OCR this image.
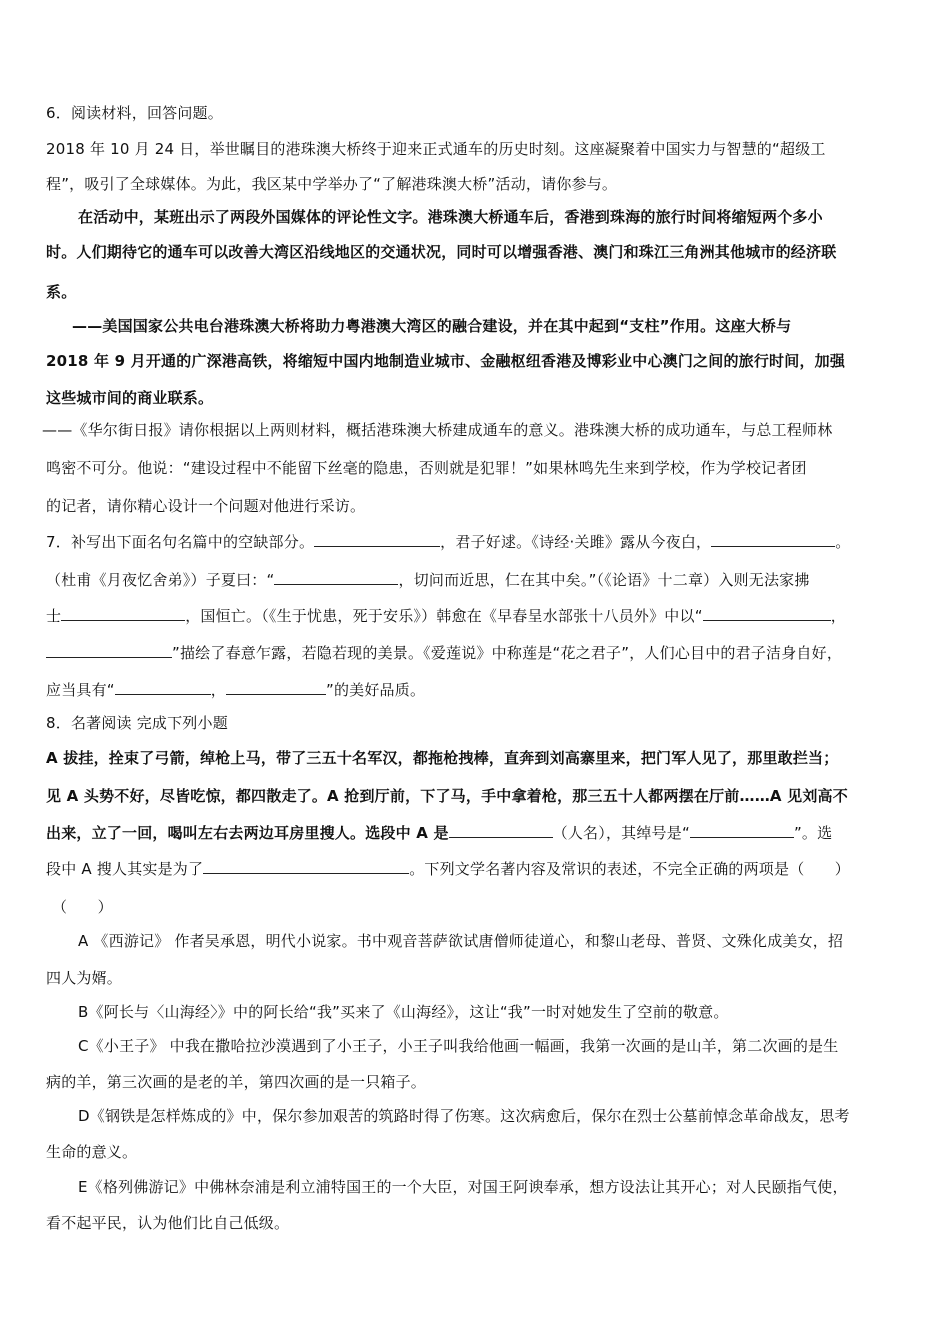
6．阅读材料，回答问题。
2018 年 10 月 24 日，举世瞩目的港珠澳大桥终于迎来正式通车的历史时刻。这座凝聚着中国实力与智慧的“超级工
程”，吸引了全球媒体。为此，我区某中学举办了“了解港珠澳大桥”活动，请你参与。
在活动中，某班出示了两段外国媒体的评论性文字。港珠澳大桥通车后，香港到珠海的旅行时间将缩短两个多小
时。人们期待它的通车可以改善大湾区沿线地区的交通状况，同时可以增强香港、澳门和珠江三角洲其他城市的经济联
系。
——美国国家公共电台港珠澳大桥将助力粤港澳大湾区的融合建设，并在其中起到“支柱”作用。这座大桥与
2018 年 9 月开通的广深港高铁，将缩短中国内地制造业城市、金融枢纽香港及博彩业中心澳门之间的旅行时间，加强
这些城市间的商业联系。
——《华尔街日报》请你根据以上两则材料，概括港珠澳大桥建成通车的意义。港珠澳大桥的成功通车，与总工程师林
鸣密不可分。他说：“建设过程中不能留下丝毫的隐患，否则就是犯罪！”如果林鸣先生来到学校，作为学校记者团
的记者，请你精心设计一个问题对他进行采访。
7．补写出下面名句名篇中的空缺部分。	，君子好逑。《诗经·关雎》露从今夜白，	。
（杜甫《月夜忆舍弟》）子夏曰：“	，切问而近思，仁在其中矣。”（《论语》十二章）入则无法家拂
士	，国恒亡。（《生于忧患，死于安乐》）韩愈在《早春呈水部张十八员外》中以“	，
”描绘了春意乍露，若隐若现的美景。《爱莲说》中称莲是“花之君子”，人们心目中的君子洁身自好，
应当具有“	，	”的美好品质。
8．名著阅读 完成下列小题
A 拔挂，拴束了弓箭，绰枪上马，带了三五十名军汉，都拖枪拽棒，直奔到刘高寨里来，把门军人见了，那里敢拦当；
见 A 头势不好，尽皆吃惊，都四散走了。A 抢到厅前，下了马，手中拿着枪，那三五十人都两摆在厅前……A 见刘高不
出来，立了一回，喝叫左右去两边耳房里搜人。选段中 A 是	（人名），其绰号是“	”。选
段中 A 搜人其实是为了	。下列文学名著内容及常识的表述，不完全正确的两项是（　　）
（　　）
A 《西游记》 作者吴承恩，明代小说家。书中观音菩萨欲试唐僧师徒道心，和黎山老母、普贤、文殊化成美女，招
四人为婿。
B《阿长与〈山海经〉》中的阿长给“我”买来了《山海经》，这让“我”一时对她发生了空前的敬意。
C《小王子》 中我在撒哈拉沙漠遇到了小王子，小王子叫我给他画一幅画，我第一次画的是山羊，第二次画的是生
病的羊，第三次画的是老的羊，第四次画的是一只箱子。
D《钢铁是怎样炼成的》中，保尔参加艰苦的筑路时得了伤寒。这次病愈后，保尔在烈士公墓前悼念革命战友，思考
生命的意义。
E《格列佛游记》中佛林奈浦是利立浦特国王的一个大臣，对国王阿谀奉承，想方设法让其开心；对人民颐指气使，
看不起平民，认为他们比自己低级。
